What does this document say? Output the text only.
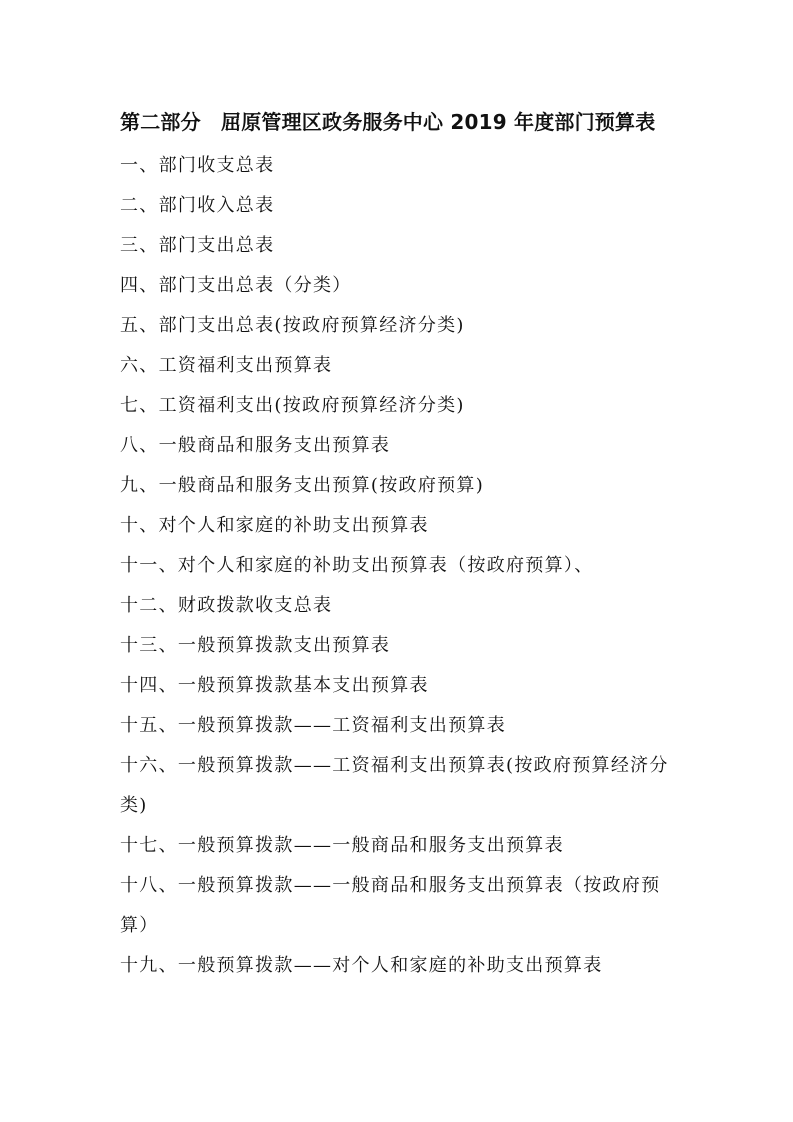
第二部分　屈原管理区政务服务中心 2019 年度部门预算表
一、部门收支总表
二、部门收入总表
三、部门支出总表
四、部门支出总表（分类）
五、部门支出总表(按政府预算经济分类)
六、工资福利支出预算表
七、工资福利支出(按政府预算经济分类)
八、一般商品和服务支出预算表
九、一般商品和服务支出预算(按政府预算)
十、对个人和家庭的补助支出预算表
十一、对个人和家庭的补助支出预算表（按政府预算）、
十二、财政拨款收支总表
十三、一般预算拨款支出预算表
十四、一般预算拨款基本支出预算表
十五、一般预算拨款——工资福利支出预算表
十六、一般预算拨款——工资福利支出预算表(按政府预算经济分类)
十七、一般预算拨款——一般商品和服务支出预算表
十八、一般预算拨款——一般商品和服务支出预算表（按政府预算）
十九、一般预算拨款——对个人和家庭的补助支出预算表
